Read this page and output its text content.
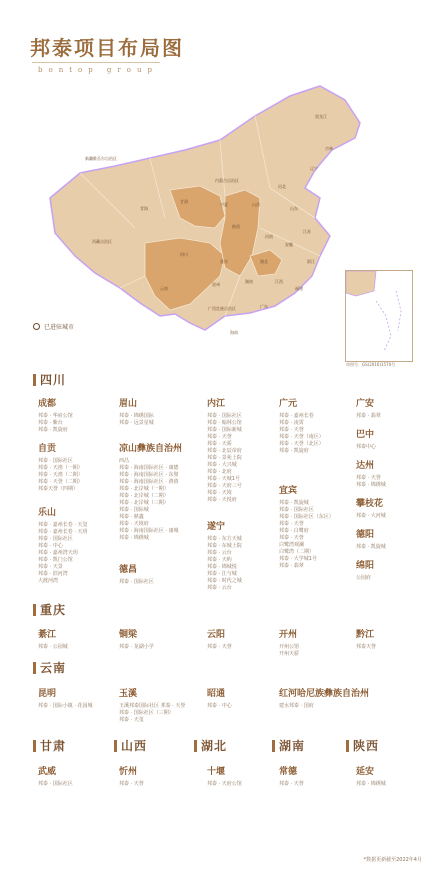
邦泰项目布局图
bontop group
新疆维吾尔自治区
西藏自治区
青海
甘肃
内蒙古自治区
黑龙江
吉林
辽宁
河北
山西
陕西
宁夏
四川
重庆
云南
贵州
湖南
湖北
河南
山东
江苏
安徽
浙江
江西
福建
广东
广西壮族自治区
海南
已进驻城市
审图号：GS(2016)1570号
四川
重庆
云南
甘肃	山西	湖北	湖南	陕西
成都
邦泰 · 华府公馆
邦泰 · 紫台
邦泰 · 凯旋府
自贡
邦泰 · 国际社区
邦泰 · 天禧（一期）
邦泰 · 天禧（二期）
邦泰 · 天誉（二期）
邦泰天誉（四期）
乐山
邦泰 · 嘉州长卷 · 天玺
邦泰 · 嘉州长卷 · 天玥
邦泰 · 国际社区
邦泰 · 中心
邦泰 · 嘉州湾天玥
邦泰 · 凯门公馆
邦泰 · 天景
邦泰 · 滨河湾
大渡河湾
眉山
邦泰 · 锦绣国际
邦泰 · 远景星城
凉山彝族自治州
西昌
邦泰 · 海南国际社区 · 康德
邦泰 · 海南国际社区 · 东璧
邦泰 · 海南国际社区 · 鸿禧
邦泰 · 北岸城（一期）
邦泰 · 北岸城（二期）
邦泰 · 北岸城（三期）
邦泰 · 国际城
邦泰 · 鼎鑫
邦泰 · 天境府
邦泰 · 海南国际社区 · 康城
邦泰 · 锦绣城
德昌
邦泰 · 国际社区
内江
邦泰 · 国际社区
邦泰 · 翰林公馆
邦泰 · 国际新城
邦泰 · 天誉
邦泰 · 天骄
邦泰 · 北辰帝府
邦泰 · 景苑上院
邦泰 · 大兴城
邦泰 · 北府
邦泰 · 天城1号
邦泰 · 天府三号
邦泰 · 天境
邦泰 · 天悦府
遂宁
邦泰 · 东方天城
邦泰 · 东城上院
邦泰 · 云台
邦泰 · 天屿
邦泰 · 锦城悦
邦泰 · 江与城
邦泰 · 时代之城
邦泰 · 云台
广元
邦泰 · 嘉州长卷
邦泰 · 凌霄
邦泰 · 天誉
邦泰 · 天誉（南区）
邦泰 · 天誉（北区）
邦泰 · 凯旋府
宜宾
邦泰 · 凯旋城
邦泰 · 国际社区
邦泰 · 国际社区（东区）
邦泰 · 天誉
邦泰 · 白鹭府
邦泰 · 天誉
白鹭湾观澜
白鹭湾（二期）
邦泰 · 大学城1号
邦泰 · 翡翠
广安
邦泰 · 翡翠
巴中
邦泰中心
达州
邦泰 · 天誉
邦泰 · 锦绣城
攀枝花
邦泰 · 大河城
德阳
邦泰 · 凯旋城
绵阳
公园府
綦江
邦泰 · 公园城
铜梁
邦泰 · 龙湖小学
云阳
邦泰 · 天誉
开州
开州公馆
开州天骄
黔江
邦泰天誉
昆明
邦泰 · 国际小镇 · 花园城
玉溪
玉溪邦泰国际社区 邦泰 · 天誉
邦泰 · 国际社区（三期）
邦泰 · 天玺
昭通
邦泰 · 中心
红河哈尼族彝族自治州
建水邦泰 · 国府
武威
邦泰 · 国际社区
忻州
邦泰 · 天誉
十堰
邦泰 · 天府公馆
常德
邦泰 · 天誉
延安
邦泰 · 锦绣城
*数据更新截至2022年4月
